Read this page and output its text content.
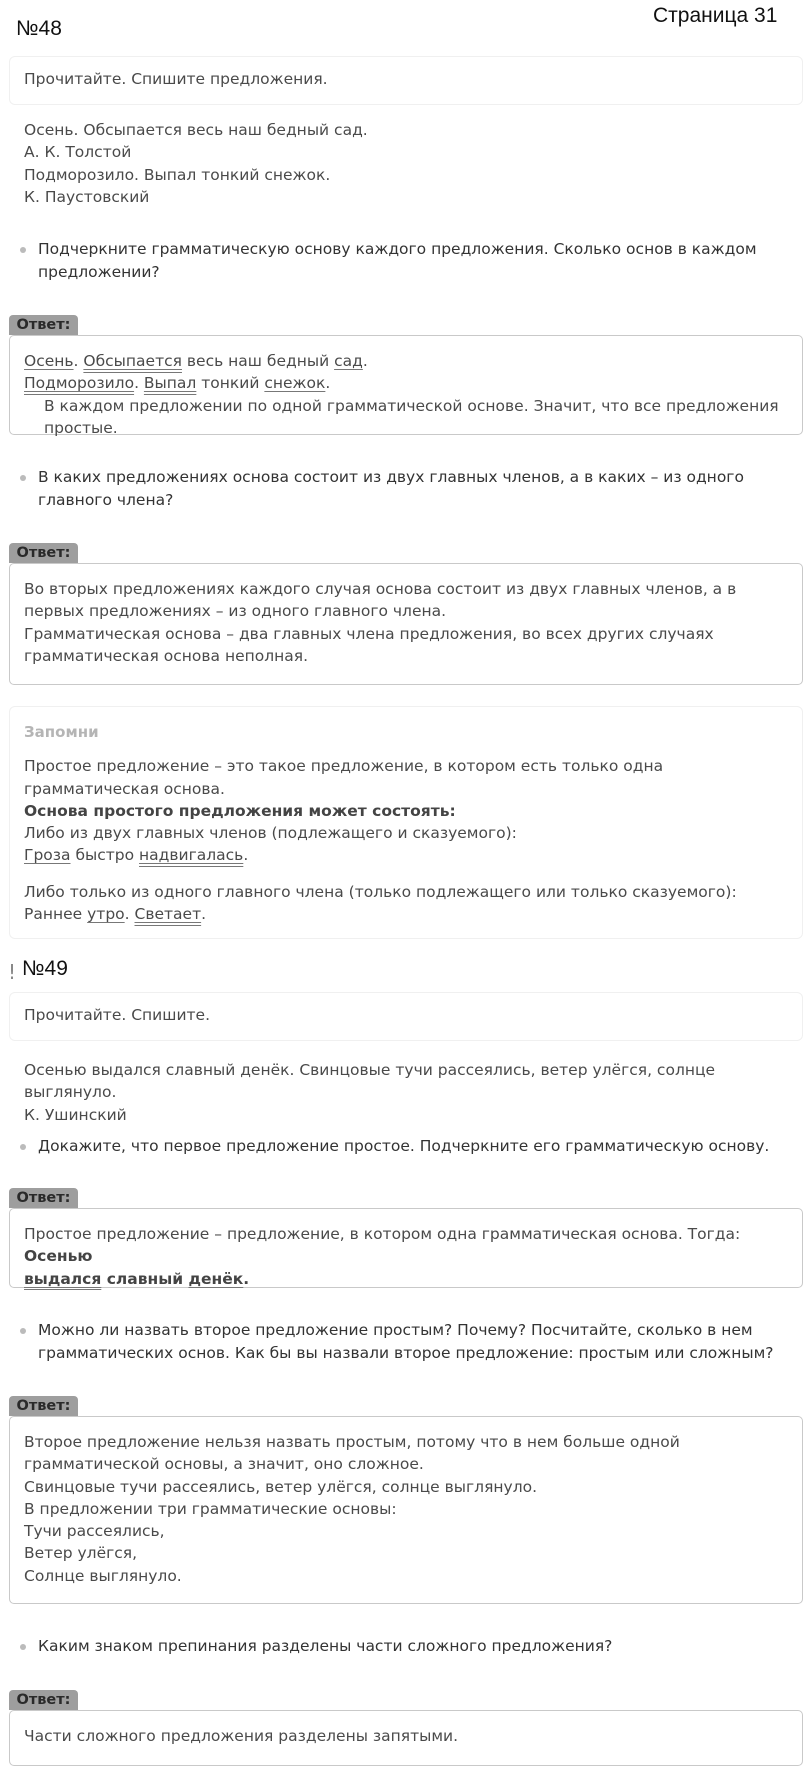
№48
Страница 31
Прочитайте. Спишите предложения.
Осень. Обсыпается весь наш бедный сад.
А. К. Толстой
Подморозило. Выпал тонкий снежок.
К. Паустовский
Подчеркните грамматическую основу каждого предложения. Сколько основ в каждом предложении?
Ответ:
Осень. Обсыпается весь наш бедный сад.
Подморозило. Выпал тонкий снежок.
В каждом предложении по одной грамматической основе. Значит, что все предложения простые.
В каких предложениях основа состоит из двух главных членов, а в каких – из одного главного члена?
Ответ:
Во вторых предложениях каждого случая основа состоит из двух главных членов, а в первых предложениях – из одного главного члена.
Грамматическая основа – два главных члена предложения, во всех других случаях грамматическая основа неполная.
Запомни
Простое предложение – это такое предложение, в котором есть только одна грамматическая основа.
Основа простого предложения может состоять:
Либо из двух главных членов (подлежащего и сказуемого):
Гроза быстро надвигалась.
Либо только из одного главного члена (только подлежащего или только сказуемого):
Раннее утро. Светает.
! №49
Прочитайте. Спишите.
Осенью выдался славный денёк. Свинцовые тучи рассеялись, ветер улёгся, солнце выглянуло.
К. Ушинский
Докажите, что первое предложение простое. Подчеркните его грамматическую основу.
Ответ:
Простое предложение – предложение, в котором одна грамматическая основа. Тогда: Осенью
выдался славный денёк.
Можно ли назвать второе предложение простым? Почему? Посчитайте, сколько в нем грамматических основ. Как бы вы назвали второе предложение: простым или сложным?
Ответ:
Второе предложение нельзя назвать простым, потому что в нем больше одной грамматической основы, а значит, оно сложное.
Свинцовые тучи рассеялись, ветер улёгся, солнце выглянуло.
В предложении три грамматические основы:
Тучи рассеялись,
Ветер улёгся,
Солнце выглянуло.
Каким знаком препинания разделены части сложного предложения?
Ответ:
Части сложного предложения разделены запятыми.
